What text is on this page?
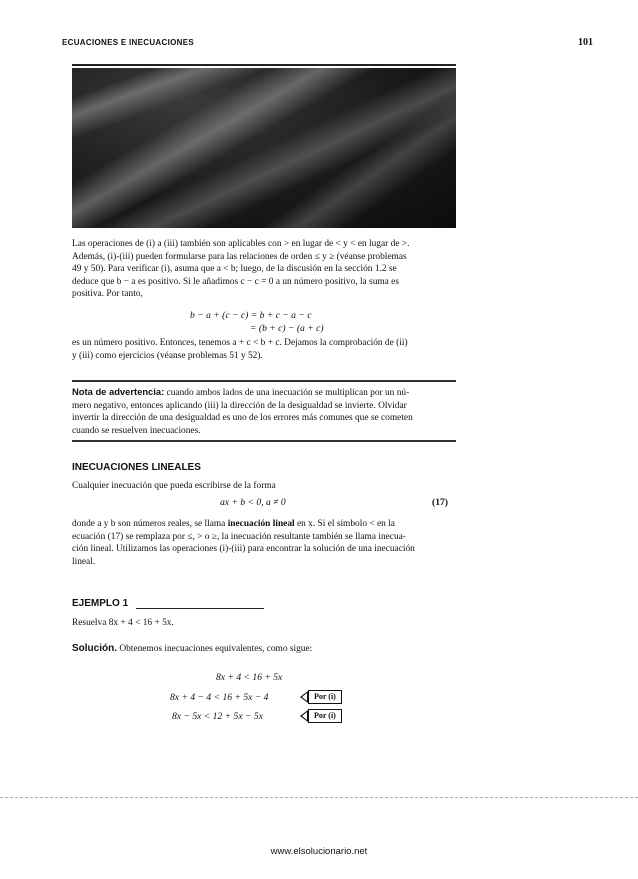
ECUACIONES E INECUACIONES	101
Las operaciones de (i) a (iii) también son aplicables con > en lugar de < y < en lugar de >.
Además, (i)-(iii) pueden formularse para las relaciones de orden ≤ y ≥ (véanse problemas
49 y 50). Para verificar (i), asuma que a < b; luego, de la discusión en la sección 1.2 se
deduce que b − a es positivo. Si le añadimos c − c = 0 a un número positivo, la suma es
positiva. Por tanto,
b − a + (c − c) = b + c − a − c
= (b + c) − (a + c)
es un número positivo. Entonces, tenemos a + c < b + c. Dejamos la comprobación de (ii)
y (iii) como ejercicios (véanse problemas 51 y 52).
Nota de advertencia: cuando ambos lados de una inecuación se multiplican por un nú-
mero negativo, entonces aplicando (iii) la dirección de la desigualdad se invierte. Olvidar
invertir la dirección de una desigualdad es uno de los errores más comunes que se cometen
cuando se resuelven inecuaciones.
INECUACIONES LINEALES
Cualquier inecuación que pueda escribirse de la forma
ax + b < 0, a ≠ 0	(17)
donde a y b son números reales, se llama inecuación lineal en x. Si el símbolo < en la
ecuación (17) se remplaza por ≤, > o ≥, la inecuación resultante también se llama inecua-
ción lineal. Utilizamos las operaciones (i)-(iii) para encontrar la solución de una inecuación
lineal.
EJEMPLO 1
Resuelva 8x + 4 < 16 + 5x.
Solución. Obtenemos inecuaciones equivalentes, como sigue:
8x + 4 < 16 + 5x
8x + 4 − 4 < 16 + 5x − 4	Por (i)
8x − 5x < 12 + 5x − 5x	Por (i)
www.elsolucionario.net
